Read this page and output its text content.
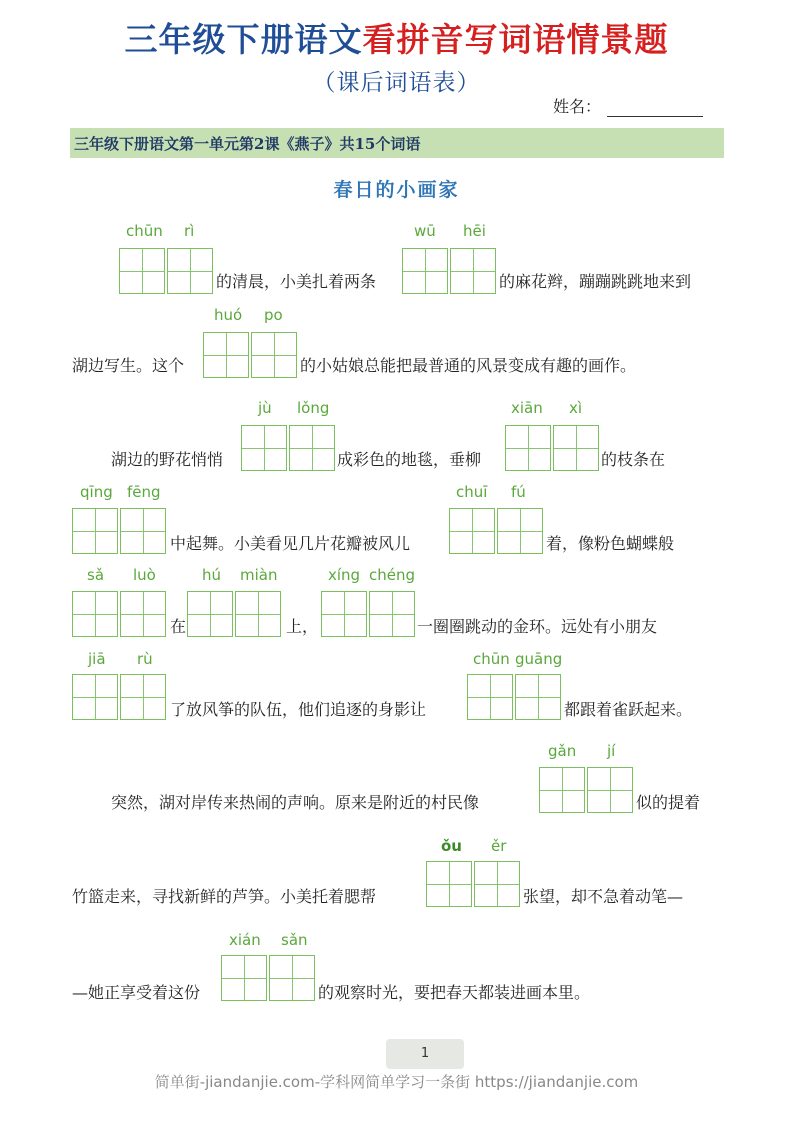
三年级下册语文看拼音写词语情景题
（课后词语表）
姓名：
三年级下册语文第一单元第2课《燕子》共15个词语
春日的小画家
chūn rì
的清晨，小美扎着两条
wū hēi
的麻花辫，蹦蹦跳跳地来到
湖边写生。这个
huó po
的小姑娘总能把最普通的风景变成有趣的画作。
湖边的野花悄悄
jù lǒng
成彩色的地毯，垂柳
xiān xì
的枝条在
qīng fēng
中起舞。小美看见几片花瓣被风儿
chuī fú
着，像粉色蝴蝶般
sǎ luò
在
hú miàn
上，
xíng chéng
一圈圈跳动的金环。远处有小朋友
jiā rù
了放风筝的队伍，他们追逐的身影让
chūn guāng
都跟着雀跃起来。
突然，湖对岸传来热闹的声响。原来是附近的村民像
gǎn jí
似的提着
竹篮走来，寻找新鲜的芦笋。小美托着腮帮
ǒu ěr
张望，却不急着动笔—
—她正享受着这份
xián sǎn
的观察时光，要把春天都装进画本里。
1
简单街-jiandanjie.com-学科网简单学习一条街 https://jiandanjie.com
